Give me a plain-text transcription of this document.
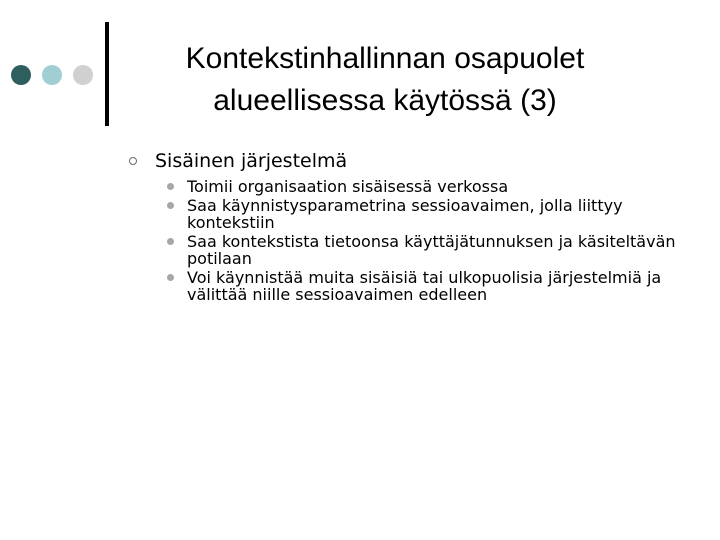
Kontekstinhallinnan osapuolet
alueellisessa käytössä (3)
Sisäinen järjestelmä
Toimii organisaation sisäisessä verkossa
Saa käynnistysparametrina sessioavaimen, jolla liittyy kontekstiin
Saa kontekstista tietoonsa käyttäjätunnuksen ja käsiteltävän potilaan
Voi käynnistää muita sisäisiä tai ulkopuolisia järjestelmiä ja välittää niille sessioavaimen edelleen
